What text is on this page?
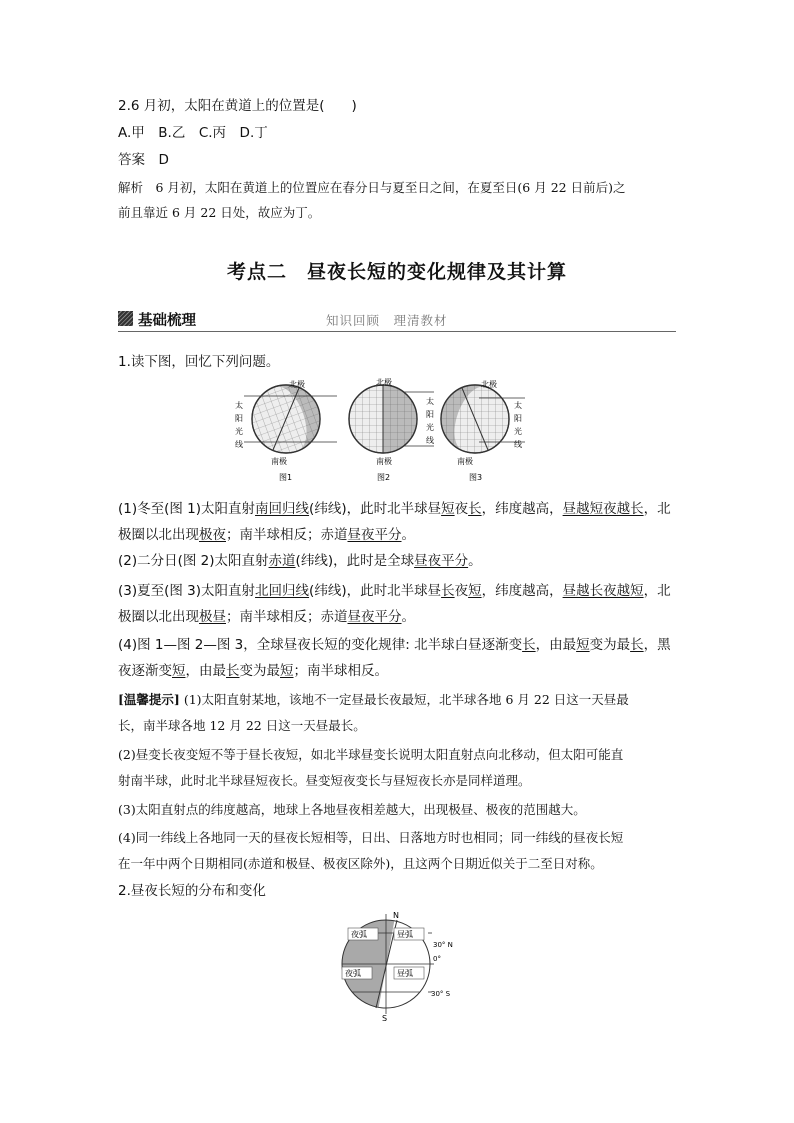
2.6 月初，太阳在黄道上的位置是(　　)
A.甲　B.乙　C.丙　D.丁
答案　 D
解析　6 月初，太阳在黄道上的位置应在春分日与夏至日之间，在夏至日(6 月 22 日前后)之
前且靠近 6 月 22 日处，故应为丁。
考点二　昼夜长短的变化规律及其计算
基础梳理	知识回顾　理清教材
1.读下图，回忆下列问题。
北极
南极
太
阳
光
线
图1
北极
南极
太
阳
光
线
图2
北极
南极
太
阳
光
线
图3
(1)冬至(图 1)太阳直射南回归线(纬线)，此时北半球昼短夜长，纬度越高，昼越短夜越长，北
极圈以北出现极夜；南半球相反；赤道昼夜平分。
(2)二分日(图 2)太阳直射赤道(纬线)，此时是全球昼夜平分。
(3)夏至(图 3)太阳直射北回归线(纬线)，此时北半球昼长夜短，纬度越高，昼越长夜越短，北
极圈以北出现极昼；南半球相反；赤道昼夜平分。
(4)图 1—图 2—图 3，全球昼夜长短的变化规律: 北半球白昼逐渐变长，由最短变为最长，黑
夜逐渐变短，由最长变为最短；南半球相反。
[温馨提示] (1)太阳直射某地，该地不一定昼最长夜最短，北半球各地 6 月 22 日这一天昼最
长，南半球各地 12 月 22 日这一天昼最长。
(2)昼变长夜变短不等于昼长夜短，如北半球昼变长说明太阳直射点向北移动，但太阳可能直
射南半球，此时北半球昼短夜长。昼变短夜变长与昼短夜长亦是同样道理。
(3)太阳直射点的纬度越高，地球上各地昼夜相差越大，出现极昼、极夜的范围越大。
(4)同一纬线上各地同一天的昼夜长短相等，日出、日落地方时也相同；同一纬线的昼夜长短
在一年中两个日期相同(赤道和极昼、极夜区除外)，且这两个日期近似关于二至日对称。
2.昼夜长短的分布和变化
夜弧	昼弧
夜弧	昼弧
N
S
30° N
0°
30° S
